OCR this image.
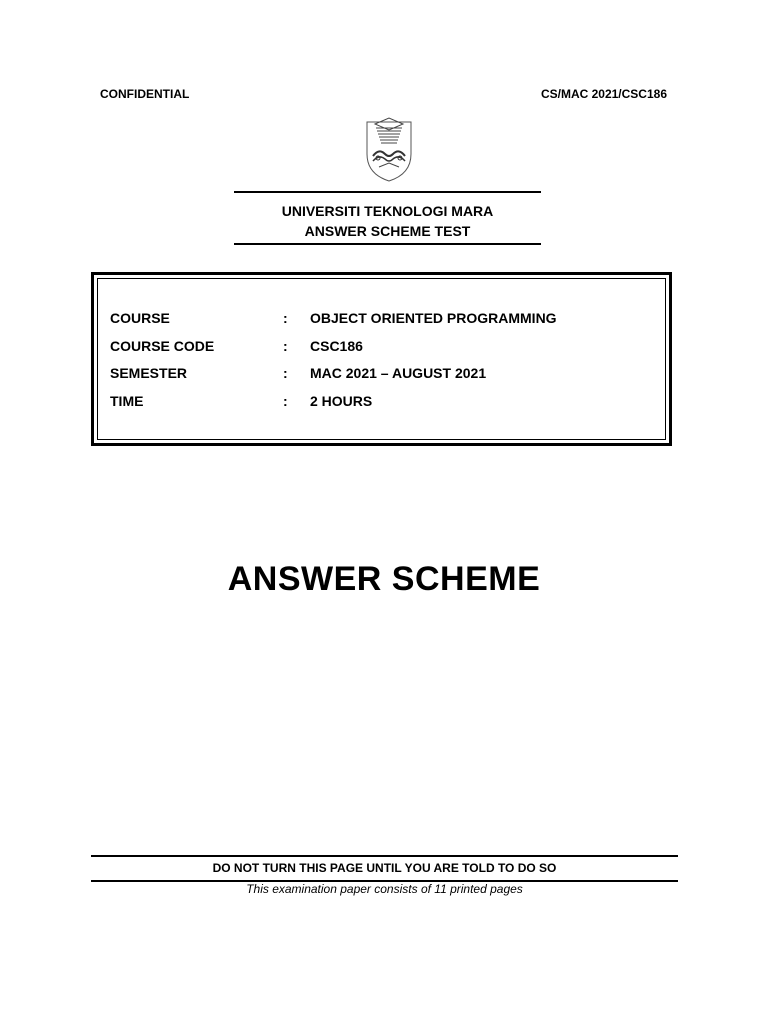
CONFIDENTIAL	CS/MAC 2021/CSC186
UNIVERSITI TEKNOLOGI MARA
ANSWER SCHEME TEST
COURSE	:	OBJECT ORIENTED PROGRAMMING
COURSE CODE	:	CSC186
SEMESTER	:	MAC 2021 – AUGUST 2021
TIME	:	2 HOURS
ANSWER SCHEME
DO NOT TURN THIS PAGE UNTIL YOU ARE TOLD TO DO SO
This examination paper consists of 11 printed pages
